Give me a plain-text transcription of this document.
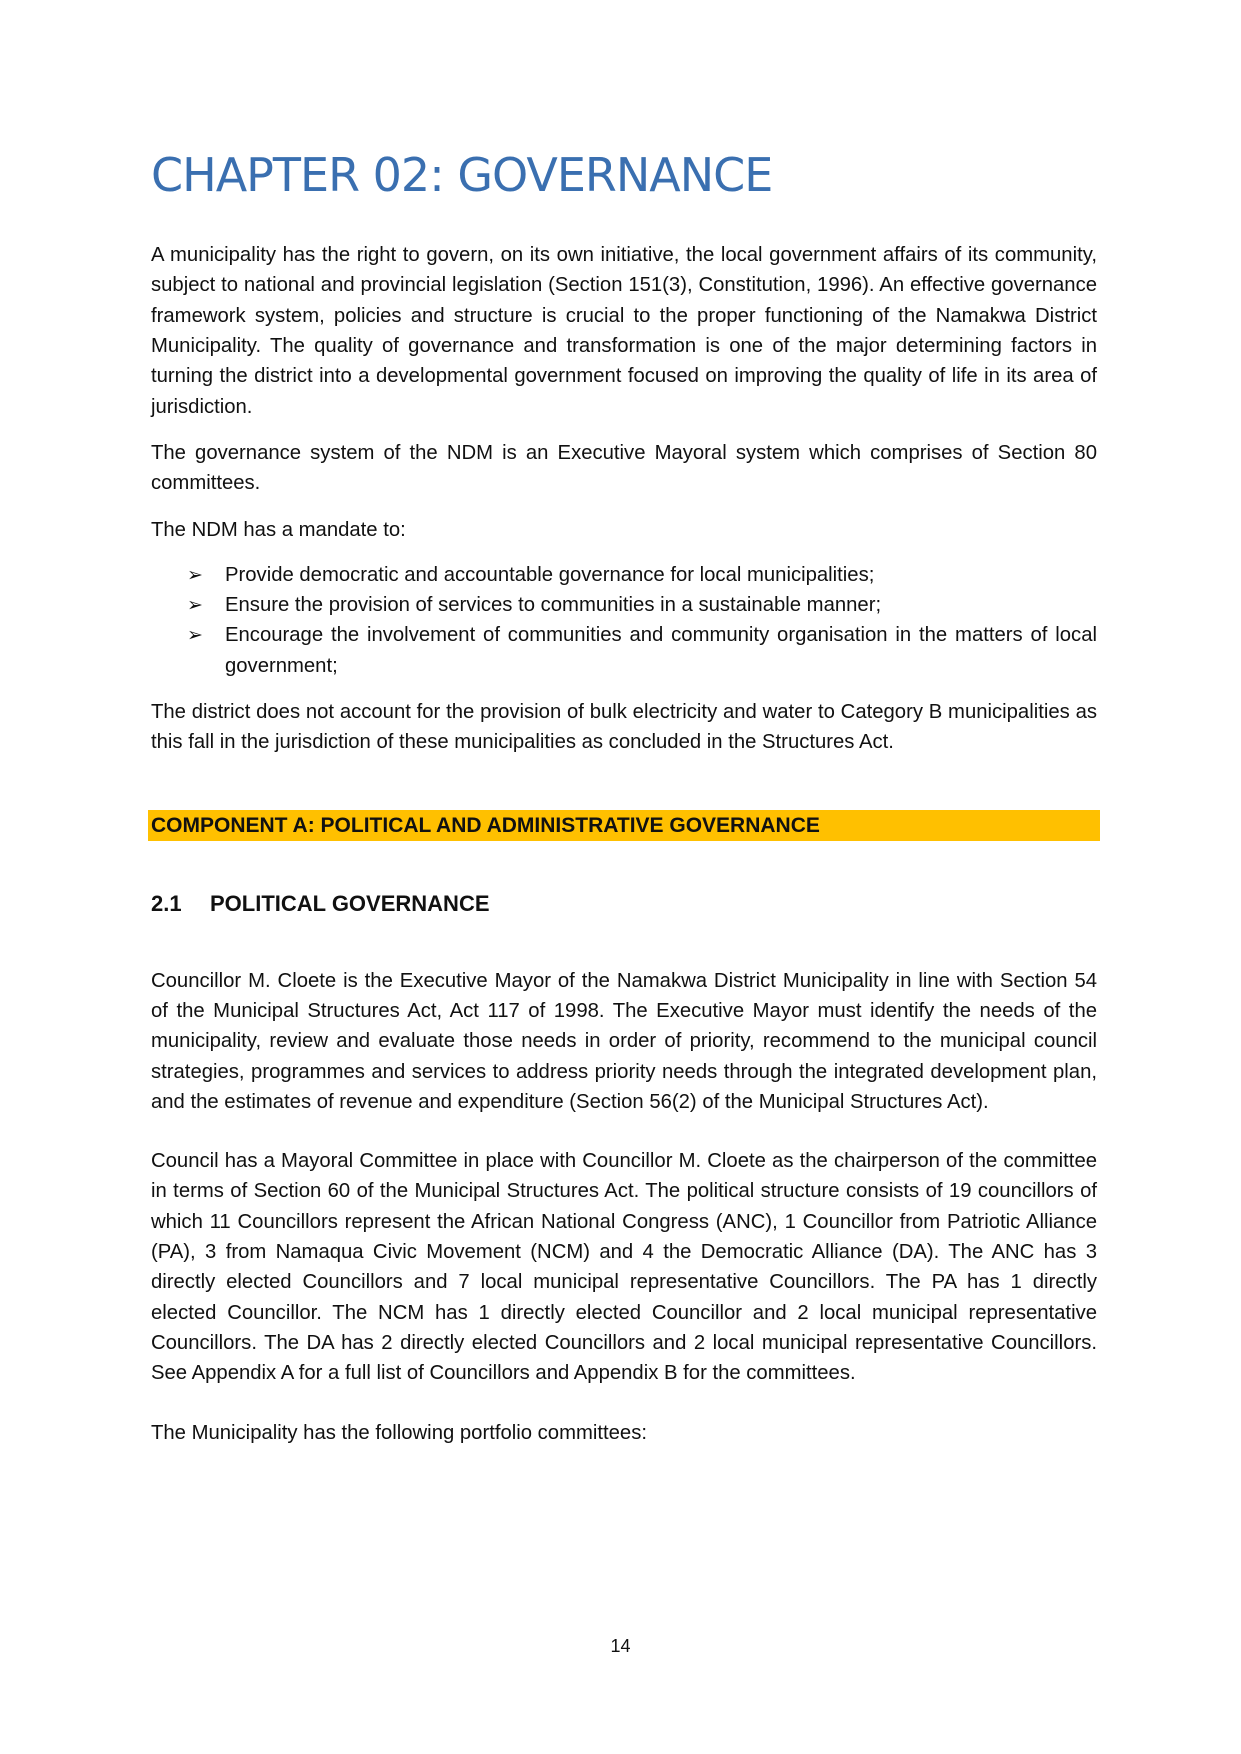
CHAPTER 02: GOVERNANCE

A municipality has the right to govern, on its own initiative, the local government affairs of its community, subject to national and provincial legislation (Section 151(3), Constitution, 1996). An effective governance framework system, policies and structure is crucial to the proper functioning of the Namakwa District Municipality. The quality of governance and transformation is one of the major determining factors in turning the district into a developmental government focused on improving the quality of life in its area of jurisdiction.

The governance system of the NDM is an Executive Mayoral system which comprises of Section 80 committees.

The NDM has a mandate to:

➢ Provide democratic and accountable governance for local municipalities;
➢ Ensure the provision of services to communities in a sustainable manner;
➢ Encourage the involvement of communities and community organisation in the matters of local government;

The district does not account for the provision of bulk electricity and water to Category B municipalities as this fall in the jurisdiction of these municipalities as concluded in the Structures Act.

COMPONENT A: POLITICAL AND ADMINISTRATIVE GOVERNANCE
2.1	POLITICAL GOVERNANCE

Councillor M. Cloete is the Executive Mayor of the Namakwa District Municipality in line with Section 54 of the Municipal Structures Act, Act 117 of 1998. The Executive Mayor must identify the needs of the municipality, review and evaluate those needs in order of priority, recommend to the municipal council strategies, programmes and services to address priority needs through the integrated development plan, and the estimates of revenue and expenditure (Section 56(2) of the Municipal Structures Act).

Council has a Mayoral Committee in place with Councillor M. Cloete as the chairperson of the committee in terms of Section 60 of the Municipal Structures Act. The political structure consists of 19 councillors of which 11 Councillors represent the African National Congress (ANC), 1 Councillor from Patriotic Alliance (PA), 3 from Namaqua Civic Movement (NCM) and 4 the Democratic Alliance (DA). The ANC has 3 directly elected Councillors and 7 local municipal representative Councillors. The PA has 1 directly elected Councillor. The NCM has 1 directly elected Councillor and 2 local municipal representative Councillors. The DA has 2 directly elected Councillors and 2 local municipal representative Councillors. See Appendix A for a full list of Councillors and Appendix B for the committees.

The Municipality has the following portfolio committees:

14
